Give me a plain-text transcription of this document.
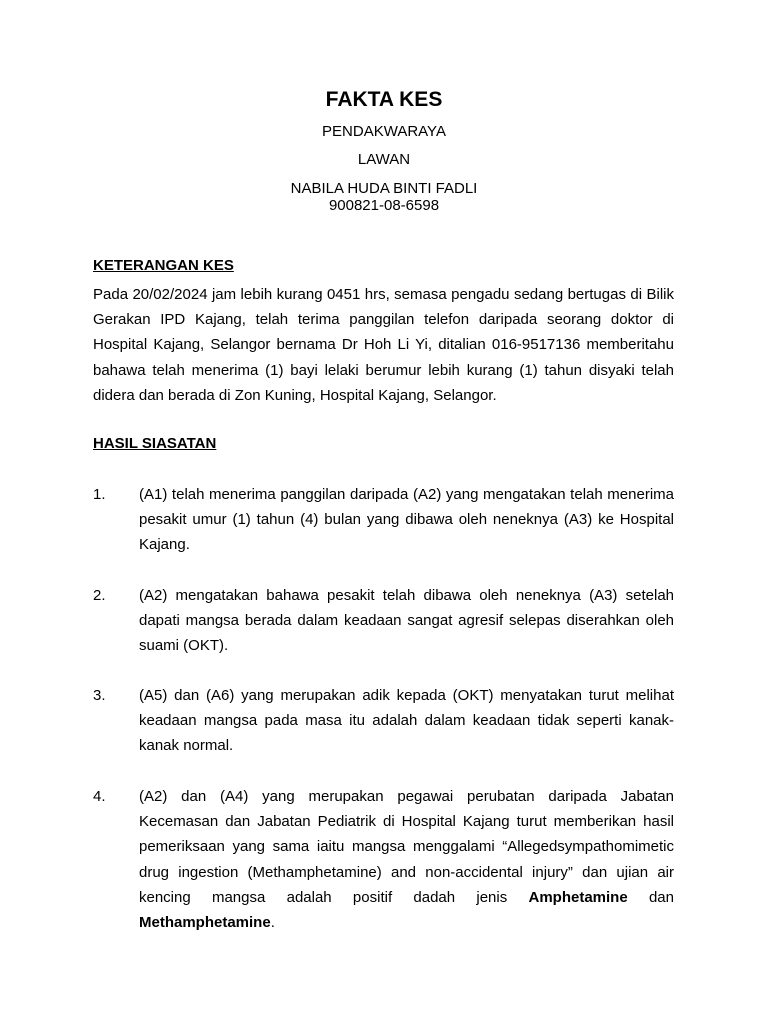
FAKTA KES
PENDAKWARAYA
LAWAN
NABILA HUDA BINTI FADLI
900821-08-6598
KETERANGAN KES

Pada 20/02/2024 jam lebih kurang 0451 hrs, semasa pengadu sedang bertugas di Bilik Gerakan IPD Kajang, telah terima panggilan telefon daripada seorang doktor di Hospital Kajang, Selangor bernama Dr Hoh Li Yi, ditalian 016-9517136 memberitahu bahawa telah menerima (1) bayi lelaki berumur lebih kurang (1) tahun disyaki telah didera dan berada di Zon Kuning, Hospital Kajang, Selangor.

HASIL SIASATAN
1.	(A1) telah menerima panggilan daripada (A2) yang mengatakan telah menerima pesakit umur (1) tahun (4) bulan yang dibawa oleh neneknya (A3) ke Hospital Kajang.

2.	(A2) mengatakan bahawa pesakit telah dibawa oleh neneknya (A3) setelah dapati mangsa berada dalam keadaan sangat agresif selepas diserahkan oleh suami (OKT).

3.	(A5) dan (A6) yang merupakan adik kepada (OKT) menyatakan turut melihat keadaan mangsa pada masa itu adalah dalam keadaan tidak seperti kanak-kanak normal.

4.	(A2) dan (A4) yang merupakan pegawai perubatan daripada Jabatan Kecemasan dan Jabatan Pediatrik di Hospital Kajang turut memberikan hasil pemeriksaan yang sama iaitu mangsa menggalami “Allegedsympathomimetic drug ingestion (Methamphetamine) and non-accidental injury” dan ujian air kencing mangsa adalah positif dadah jenis Amphetamine dan Methamphetamine.
